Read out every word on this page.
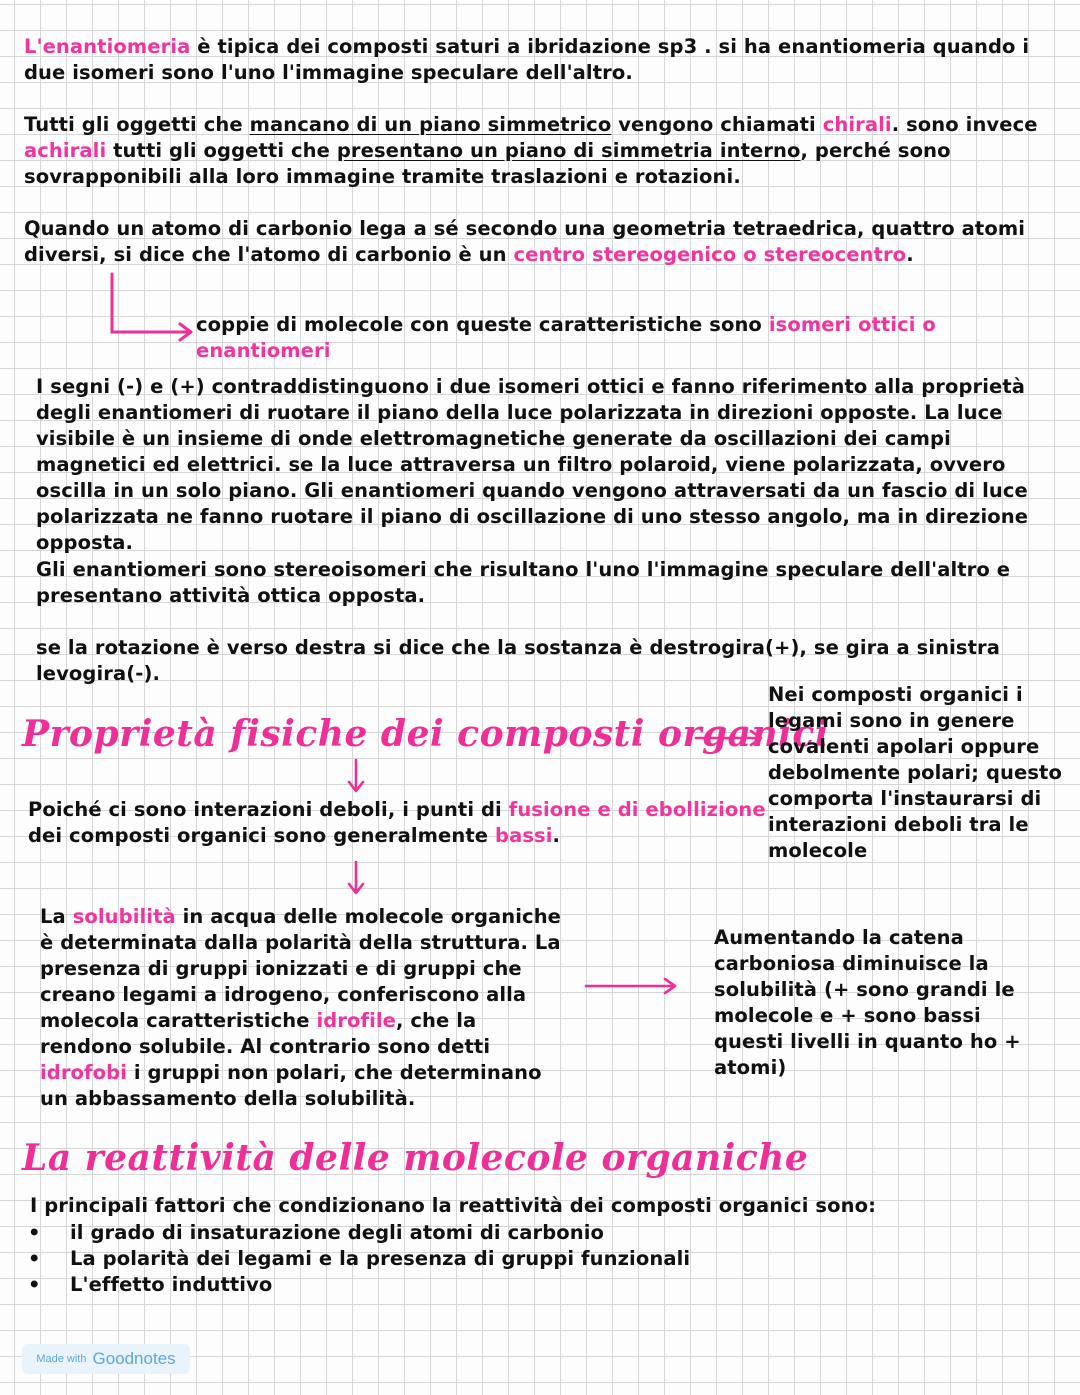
L'enantiomeria è tipica dei composti saturi a ibridazione sp3 . si ha enantiomeria quando i due isomeri sono l'uno l'immagine speculare dell'altro.
Tutti gli oggetti che mancano di un piano simmetrico vengono chiamati chirali. sono invece achirali tutti gli oggetti che presentano un piano di simmetria interno, perché sono sovrapponibili alla loro immagine tramite traslazioni e rotazioni.
Quando un atomo di carbonio lega a sé secondo una geometria tetraedrica, quattro atomi diversi, si dice che l'atomo di carbonio è un centro stereogenico o stereocentro.
coppie di molecole con queste caratteristiche sono isomeri ottici o enantiomeri
I segni (-) e (+) contraddistinguono i due isomeri ottici e fanno riferimento alla proprietà degli enantiomeri di ruotare il piano della luce polarizzata in direzioni opposte. La luce visibile è un insieme di onde elettromagnetiche generate da oscillazioni dei campi magnetici ed elettrici. se la luce attraversa un filtro polaroid, viene polarizzata, ovvero oscilla in un solo piano. Gli enantiomeri quando vengono attraversati da un fascio di luce polarizzata ne fanno ruotare il piano di oscillazione di uno stesso angolo, ma in direzione opposta.
Gli enantiomeri sono stereoisomeri che risultano l'uno l'immagine speculare dell'altro e presentano attività ottica opposta.
se la rotazione è verso destra si dice che la sostanza è destrogira(+), se gira a sinistra levogira(-).
Proprietà fisiche dei composti organici
Nei composti organici i legami sono in genere covalenti apolari oppure debolmente polari; questo comporta l'instaurarsi di interazioni deboli tra le molecole
Poiché ci sono interazioni deboli, i punti di fusione e di ebollizione dei composti organici sono generalmente bassi.
La solubilità in acqua delle molecole organiche è determinata dalla polarità della struttura. La presenza di gruppi ionizzati e di gruppi che creano legami a idrogeno, conferiscono alla molecola caratteristiche idrofile, che la rendono solubile. Al contrario sono detti idrofobi i gruppi non polari, che determinano un abbassamento della solubilità.
Aumentando la catena carboniosa diminuisce la solubilità (+ sono grandi le molecole e + sono bassi questi livelli in quanto ho + atomi)
La reattività delle molecole organiche
I principali fattori che condizionano la reattività dei composti organici sono:
• il grado di insaturazione degli atomi di carbonio
• La polarità dei legami e la presenza di gruppi funzionali
• L'effetto induttivo
Made with Goodnotes
